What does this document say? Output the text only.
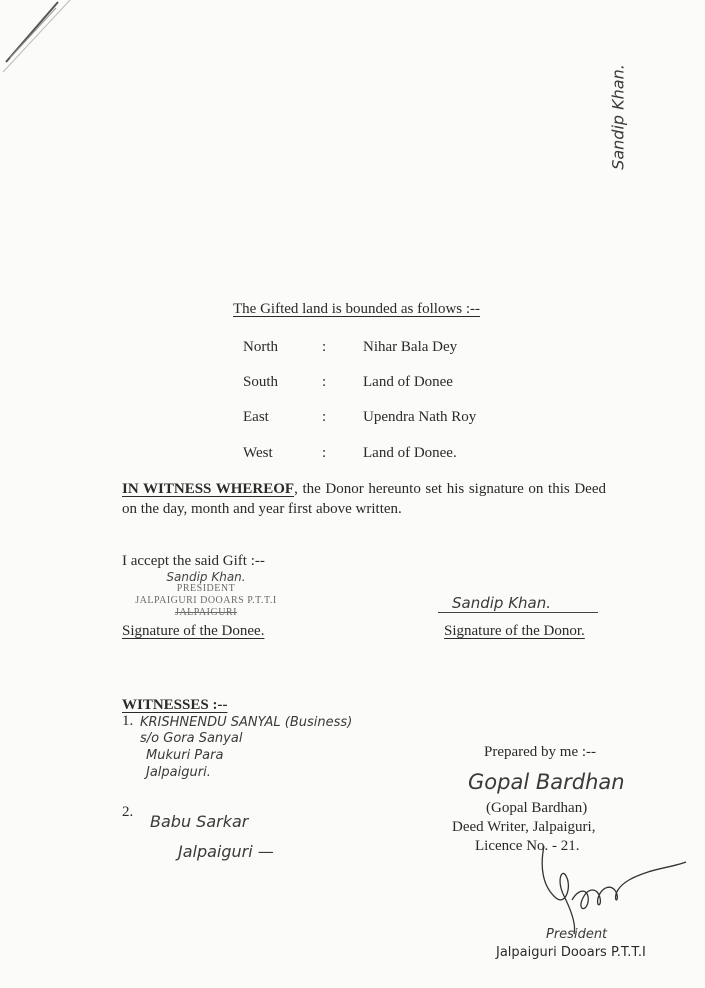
Sandip Khan.
The Gifted land is bounded as follows :--
North	: Nihar Bala Dey
South	: Land of Donee
East	: Upendra Nath Roy
West	: Land of Donee.
IN WITNESS WHEREOF, the Donor hereunto set his signature on this Deed on the day, month and year first above written.
I accept the said Gift :--
Sandip Khan.
PRESIDENT
JALPAIGURI DOOARS P.T.T.I
JALPAIGURI
Signature of the Donee.
Sandip Khan.
Signature of the Donor.
WITNESSES :--
1. KRISHNENDU SANYAL (Business)
s/o Gora Sanyal
Mukuri Para
Jalpaiguri.
2. Babu Sarkar
Jalpaiguri —
Prepared by me :--
Gopal Bardhan
(Gopal Bardhan)
Deed Writer, Jalpaiguri,
Licence No. - 21.
President
Jalpaiguri Dooars P.T.T.I
